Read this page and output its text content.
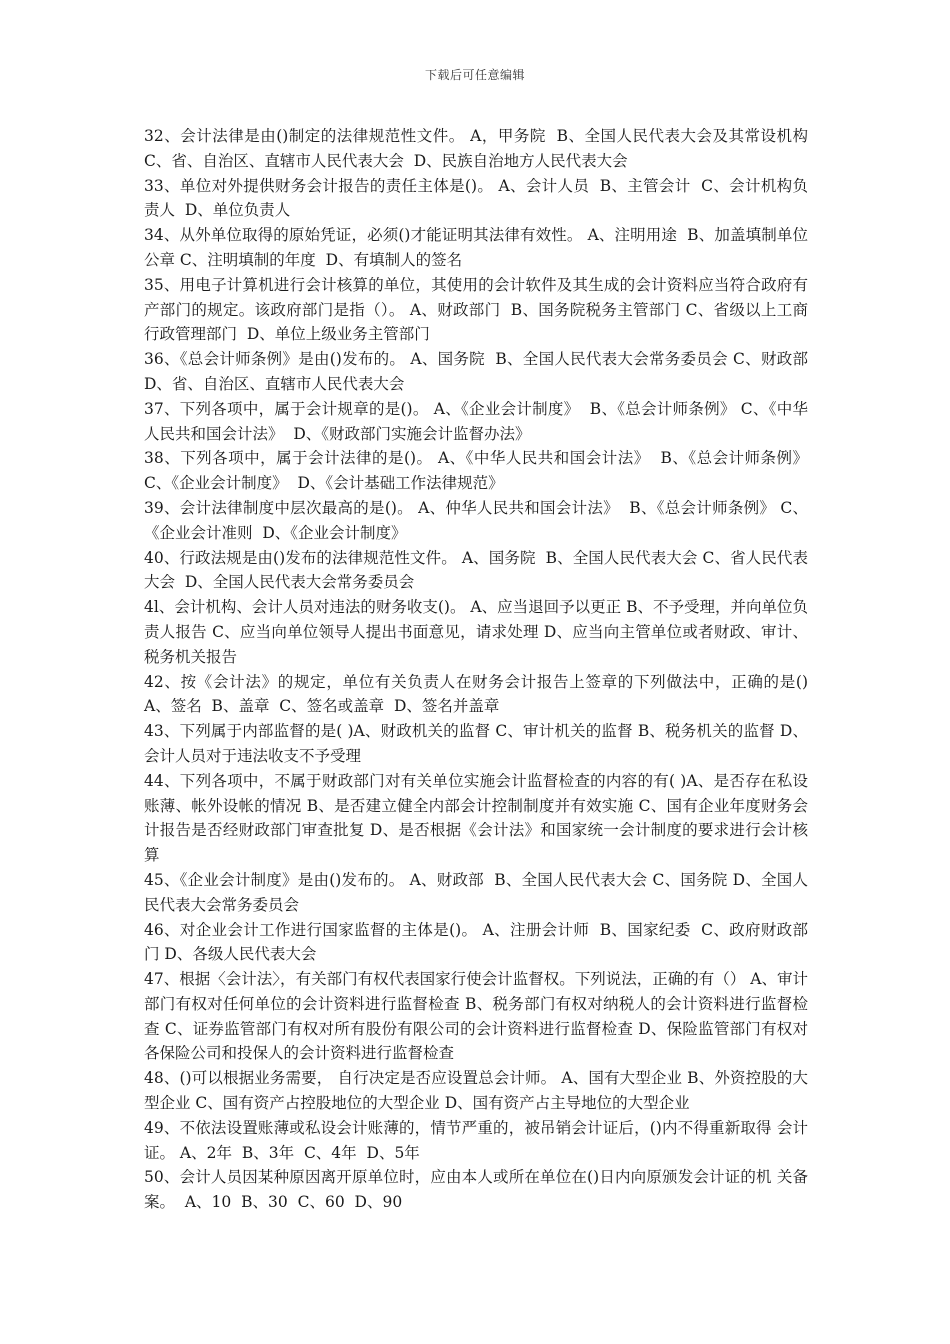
下载后可任意编辑

32、会计法律是由()制定的法律规范性文件。 A，甲务院  B、全国人民代表大会及其常设机构 C、省、自治区、直辖市人民代表大会  D、民族自治地方人民代表大会

33、单位对外提供财务会计报告的责任主体是()。 A、会计人员  B、主管会计  C、会计机构负责人  D、单位负责人

34、从外单位取得的原始凭证，必须()才能证明其法律有效性。 A、注明用途  B、加盖填制单位公章 C、注明填制的年度  D、有填制人的签名

35、用电子计算机进行会计核算的单位，其使用的会计软件及其生成的会计资料应当符合政府有产部门的规定。该政府部门是指（）。 A、财政部门  B、国务院税务主管部门 C、省级以上工商行政管理部门  D、单位上级业务主管部门

36、《总会计师条例》是由()发布的。 A、国务院  B、全国人民代表大会常务委员会 C、财政部  D、省、自治区、直辖市人民代表大会

37、下列各项中，属于会计规章的是()。 A、《企业会计制度》  B、《总会计师条例》 C、《中华人民共和国会计法》  D、《财政部门实施会计监督办法》

38、下列各项中，属于会计法律的是()。 A、《中华人民共和国会计法》  B、《总会计师条例》 C、《企业会计制度》  D、《会计基础工作法律规范》

39、会计法律制度中层次最高的是()。 A、仲华人民共和国会计法》  B、《总会计师条例》 C、《企业会计准则  D、《企业会计制度》

40、行政法规是由()发布的法律规范性文件。 A、国务院  B、全国人民代表大会 C、省人民代表大会  D、全国人民代表大会常务委员会

4l、会计机构、会计人员对违法的财务收支()。 A、应当退回予以更正 B、不予受理，并向单位负责人报告 C、应当向单位领导人提出书面意见，请求处理 D、应当向主管单位或者财政、审计、税务机关报告

42、按《会计法》的规定，单位有关负责人在财务会计报告上签章的下列做法中，正确的是() A、签名  B、盖章  C、签名或盖章  D、签名并盖章

43、下列属于内部监督的是( )A、财政机关的监督 C、审计机关的监督 B、税务机关的监督 D、会计人员对于违法收支不予受理

44、下列各项中，不属于财政部门对有关单位实施会计监督检查的内容的有( )A、是否存在私设账薄、帐外设帐的情况 B、是否建立健全内部会计控制制度并有效实施 C、国有企业年度财务会计报告是否经财政部门审查批复 D、是否根据《会计法》和国家统一会计制度的要求进行会计核算

45、《企业会计制度》是由()发布的。 A、财政部  B、全国人民代表大会 C、国务院 D、全国人民代表大会常务委员会

46、对企业会计工作进行国家监督的主体是()。 A、注册会计师  B、国家纪委  C、政府财政部门 D、各级人民代表大会

47、根据〈会计法〉，有关部门有权代表国家行使会计监督权。下列说法，正确的有（） A、审计部门有权对任何单位的会计资料进行监督检查 B、税务部门有权对纳税人的会计资料进行监督检查 C、证券监管部门有权对所有股份有限公司的会计资料进行监督检查 D、保险监管部门有权对各保险公司和投保人的会计资料进行监督检查

48、()可以根据业务需要， 自行决定是否应设置总会计师。 A、国有大型企业 B、外资控股的大型企业 C、国有资产占控股地位的大型企业 D、国有资产占主导地位的大型企业

49、不依法设置账薄或私设会计账薄的，情节严重的，被吊销会计证后，()内不得重新取得 会计证。 A、2年  B、3年  C、4年  D、5年

50、会计人员因某种原因离开原单位时，应由本人或所在单位在()日内向原颁发会计证的机 关备案。  A、10  B、30  C、60  D、90
